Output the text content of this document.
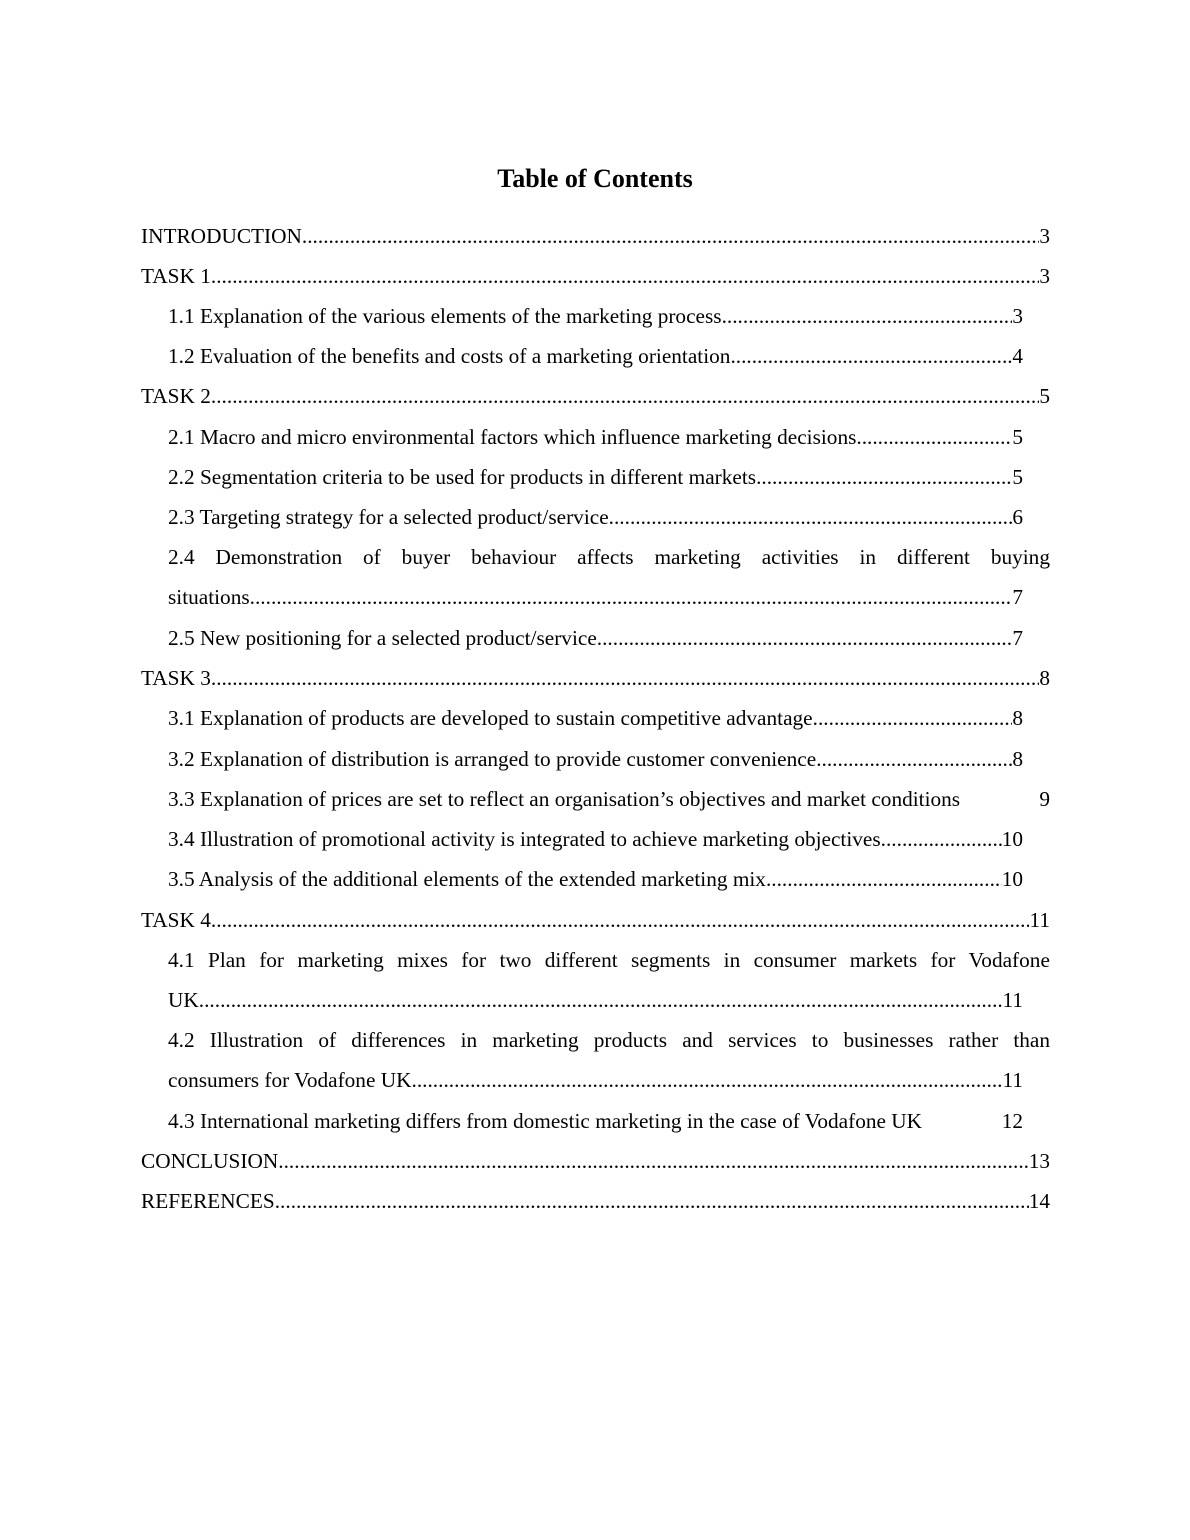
Table of Contents
INTRODUCTION .....	3
TASK 1 .....	3
1.1 Explanation of the various elements of the marketing process .....	3
1.2 Evaluation of the benefits and costs of a marketing orientation .....	4
TASK 2 .....	5
2.1 Macro and micro environmental factors which influence marketing decisions .....	5
2.2 Segmentation criteria to be used for products in different markets .....	5
2.3 Targeting strategy for a selected product/service .....	6
2.4 Demonstration of buyer behaviour affects marketing activities in different buying
situations .....	7
2.5 New positioning for a selected product/service .....	7
TASK 3 .....	8
3.1 Explanation of products are developed to sustain competitive advantage .....	8
3.2 Explanation of distribution is arranged to provide customer convenience .....	8
3.3 Explanation of prices are set to reflect an organisation’s objectives and market conditions	9
3.4 Illustration of promotional activity is integrated to achieve marketing objectives .....	10
3.5 Analysis of the additional elements of the extended marketing mix .....	10
TASK 4 .....	11
4.1 Plan for marketing mixes for two different segments in consumer markets for Vodafone
UK .....	11
4.2 Illustration of differences in marketing products and services to businesses rather than
consumers for Vodafone UK .....	11
4.3 International marketing differs from domestic marketing in the case of Vodafone UK	12
CONCLUSION .....	13
REFERENCES .....	14
